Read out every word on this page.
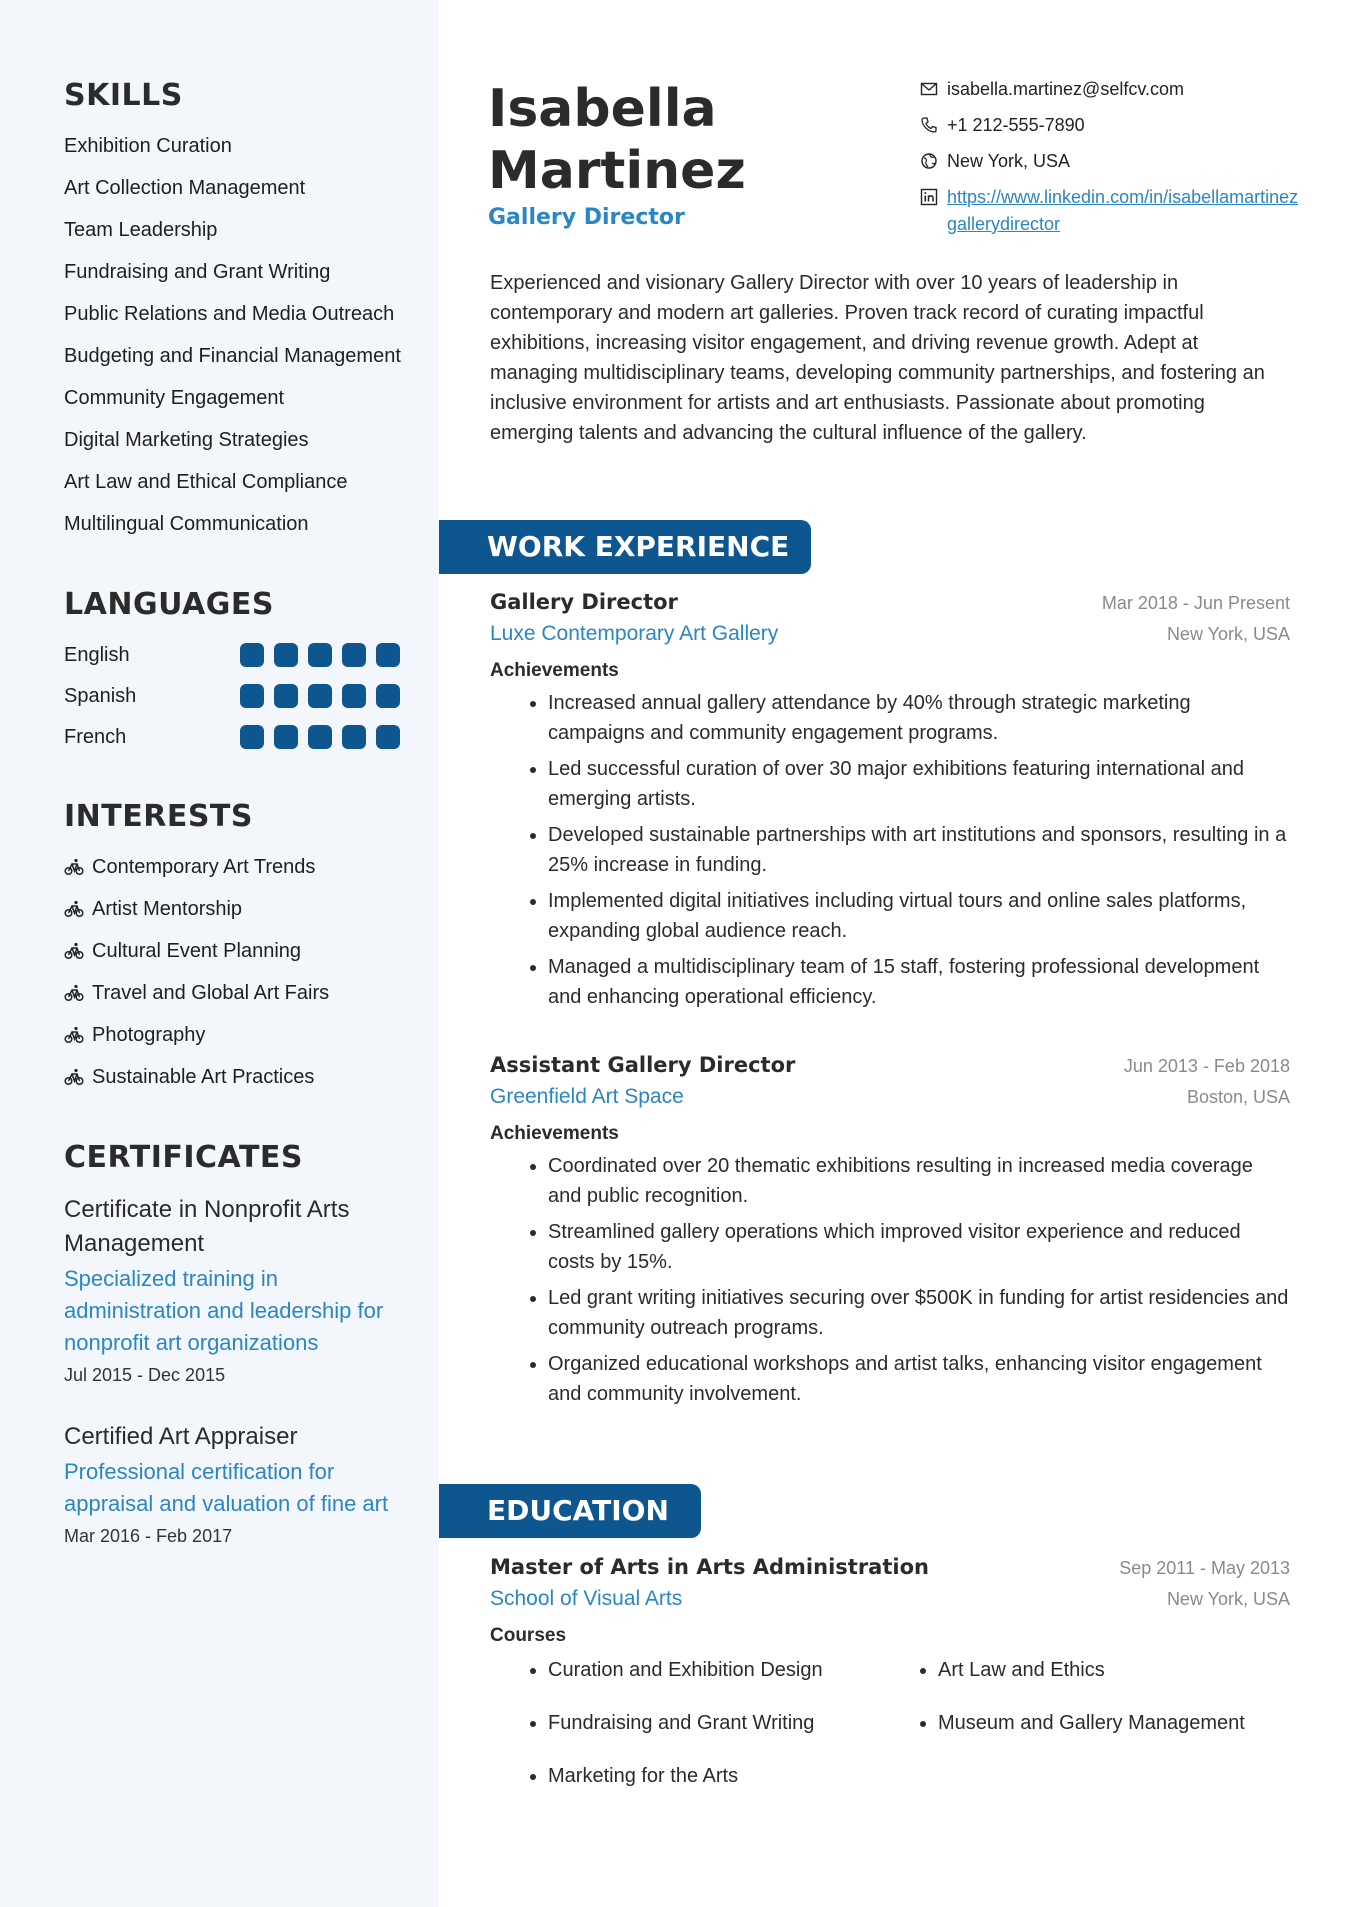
SKILLS
Exhibition Curation
Art Collection Management
Team Leadership
Fundraising and Grant Writing
Public Relations and Media Outreach
Budgeting and Financial Management
Community Engagement
Digital Marketing Strategies
Art Law and Ethical Compliance
Multilingual Communication
LANGUAGES
English
Spanish
French
INTERESTS
Contemporary Art Trends
Artist Mentorship
Cultural Event Planning
Travel and Global Art Fairs
Photography
Sustainable Art Practices
CERTIFICATES
Certificate in Nonprofit Arts Management
Specialized training in administration and leadership for nonprofit art organizations
Jul 2015 - Dec 2015
Certified Art Appraiser
Professional certification for appraisal and valuation of fine art
Mar 2016 - Feb 2017
Isabella
Martinez
Gallery Director
isabella.martinez@selfcv.com
+1 212-555-7890
New York, USA
https://www.linkedin.com/in/isabellamartinezgallerydirector
Experienced and visionary Gallery Director with over 10 years of leadership in contemporary and modern art galleries. Proven track record of curating impactful exhibitions, increasing visitor engagement, and driving revenue growth. Adept at managing multidisciplinary teams, developing community partnerships, and fostering an inclusive environment for artists and art enthusiasts. Passionate about promoting emerging talents and advancing the cultural influence of the gallery.
WORK EXPERIENCE
Gallery Director	Mar 2018 - Jun Present
Luxe Contemporary Art Gallery	New York, USA
Achievements
• Increased annual gallery attendance by 40% through strategic marketing campaigns and community engagement programs.
• Led successful curation of over 30 major exhibitions featuring international and emerging artists.
• Developed sustainable partnerships with art institutions and sponsors, resulting in a 25% increase in funding.
• Implemented digital initiatives including virtual tours and online sales platforms, expanding global audience reach.
• Managed a multidisciplinary team of 15 staff, fostering professional development and enhancing operational efficiency.
Assistant Gallery Director	Jun 2013 - Feb 2018
Greenfield Art Space	Boston, USA
Achievements
• Coordinated over 20 thematic exhibitions resulting in increased media coverage and public recognition.
• Streamlined gallery operations which improved visitor experience and reduced costs by 15%.
• Led grant writing initiatives securing over $500K in funding for artist residencies and community outreach programs.
• Organized educational workshops and artist talks, enhancing visitor engagement and community involvement.
EDUCATION
Master of Arts in Arts Administration	Sep 2011 - May 2013
School of Visual Arts	New York, USA
Courses
Curation and Exhibition Design	Art Law and Ethics
Fundraising and Grant Writing	Museum and Gallery Management
Marketing for the Arts
